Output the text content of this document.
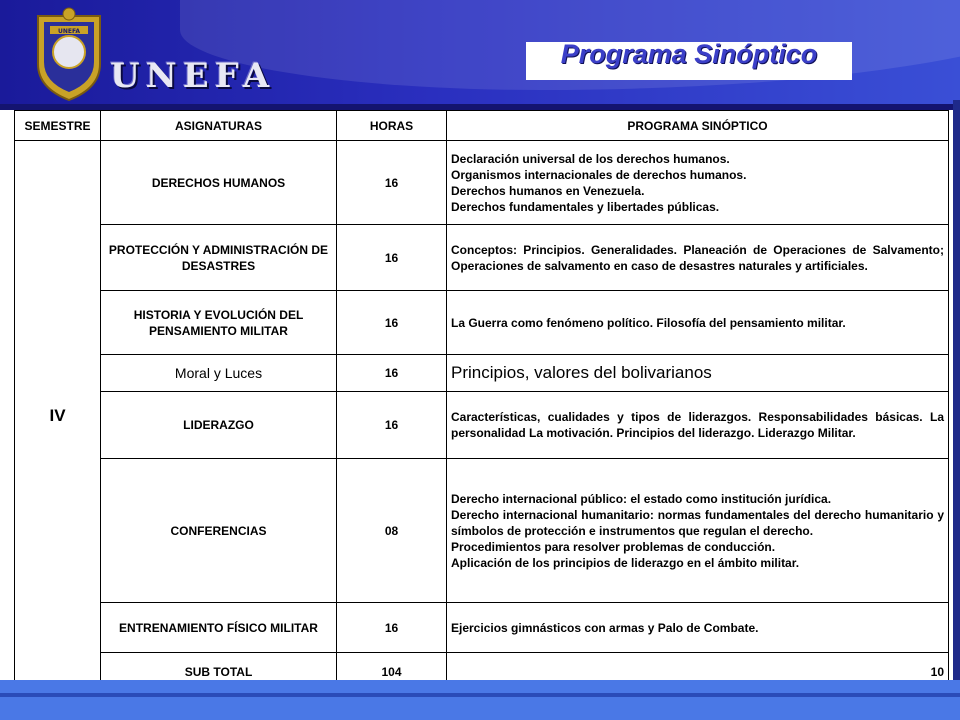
UNEFA
UNEFA
Programa Sinóptico
SEMESTRE	ASIGNATURAS	HORAS	PROGRAMA SINÓPTICO
IV	DERECHOS HUMANOS	16	Declaración universal de los derechos humanos.
Organismos internacionales de derechos humanos.
Derechos humanos en Venezuela.
Derechos fundamentales y libertades públicas.

	PROTECCIÓN Y ADMINISTRACIÓN DE DESASTRES	16	Conceptos: Principios. Generalidades. Planeación de Operaciones de Salvamento; Operaciones de salvamento en caso de desastres naturales y artificiales.

	HISTORIA Y EVOLUCIÓN DEL PENSAMIENTO MILITAR	16	La Guerra como fenómeno político. Filosofía del pensamiento militar.

	Moral y Luces	16	Principios, valores del bolivarianos

	LIDERAZGO	16	Características, cualidades y tipos de liderazgos. Responsabilidades básicas. La personalidad La motivación. Principios del liderazgo. Liderazgo Militar.

	CONFERENCIAS	08	Derecho internacional público: el estado como institución jurídica.
Derecho internacional humanitario: normas fundamentales del derecho humanitario y símbolos de protección e instrumentos que regulan el derecho.
Procedimientos para resolver problemas de conducción.
Aplicación de los principios de liderazgo en el ámbito militar.

	ENTRENAMIENTO FÍSICO MILITAR	16	Ejercicios gimnásticos con armas y Palo de Combate.

	SUB TOTAL	104	10
